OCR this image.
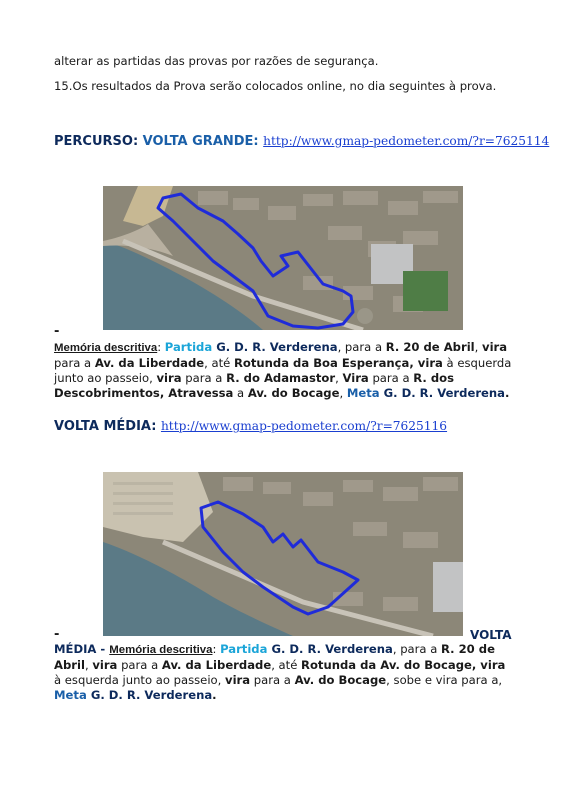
alterar as partidas das provas por razões de segurança.

15.Os resultados da Prova serão colocados online, no dia seguintes à prova.

PERCURSO: VOLTA GRANDE: http://www.gmap-pedometer.com/?r=7625114
-

Memória descritiva: Partida G. D. R. Verderena, para a R. 20 de Abril, vira para a Av. da Liberdade, até Rotunda da Boa Esperança, vira à esquerda junto ao passeio, vira para a R. do Adamastor, Vira para a R. dos Descobrimentos, Atravessa a Av. do Bocage, Meta G. D. R. Verderena.

VOLTA MÉDIA: http://www.gmap-pedometer.com/?r=7625116
-	VOLTA

MÉDIA - Memória descritiva: Partida G. D. R. Verderena, para a R. 20 de Abril, vira para a Av. da Liberdade, até Rotunda da Av. do Bocage, vira à esquerda junto ao passeio, vira para a Av. do Bocage, sobe e vira para a, Meta G. D. R. Verderena.
